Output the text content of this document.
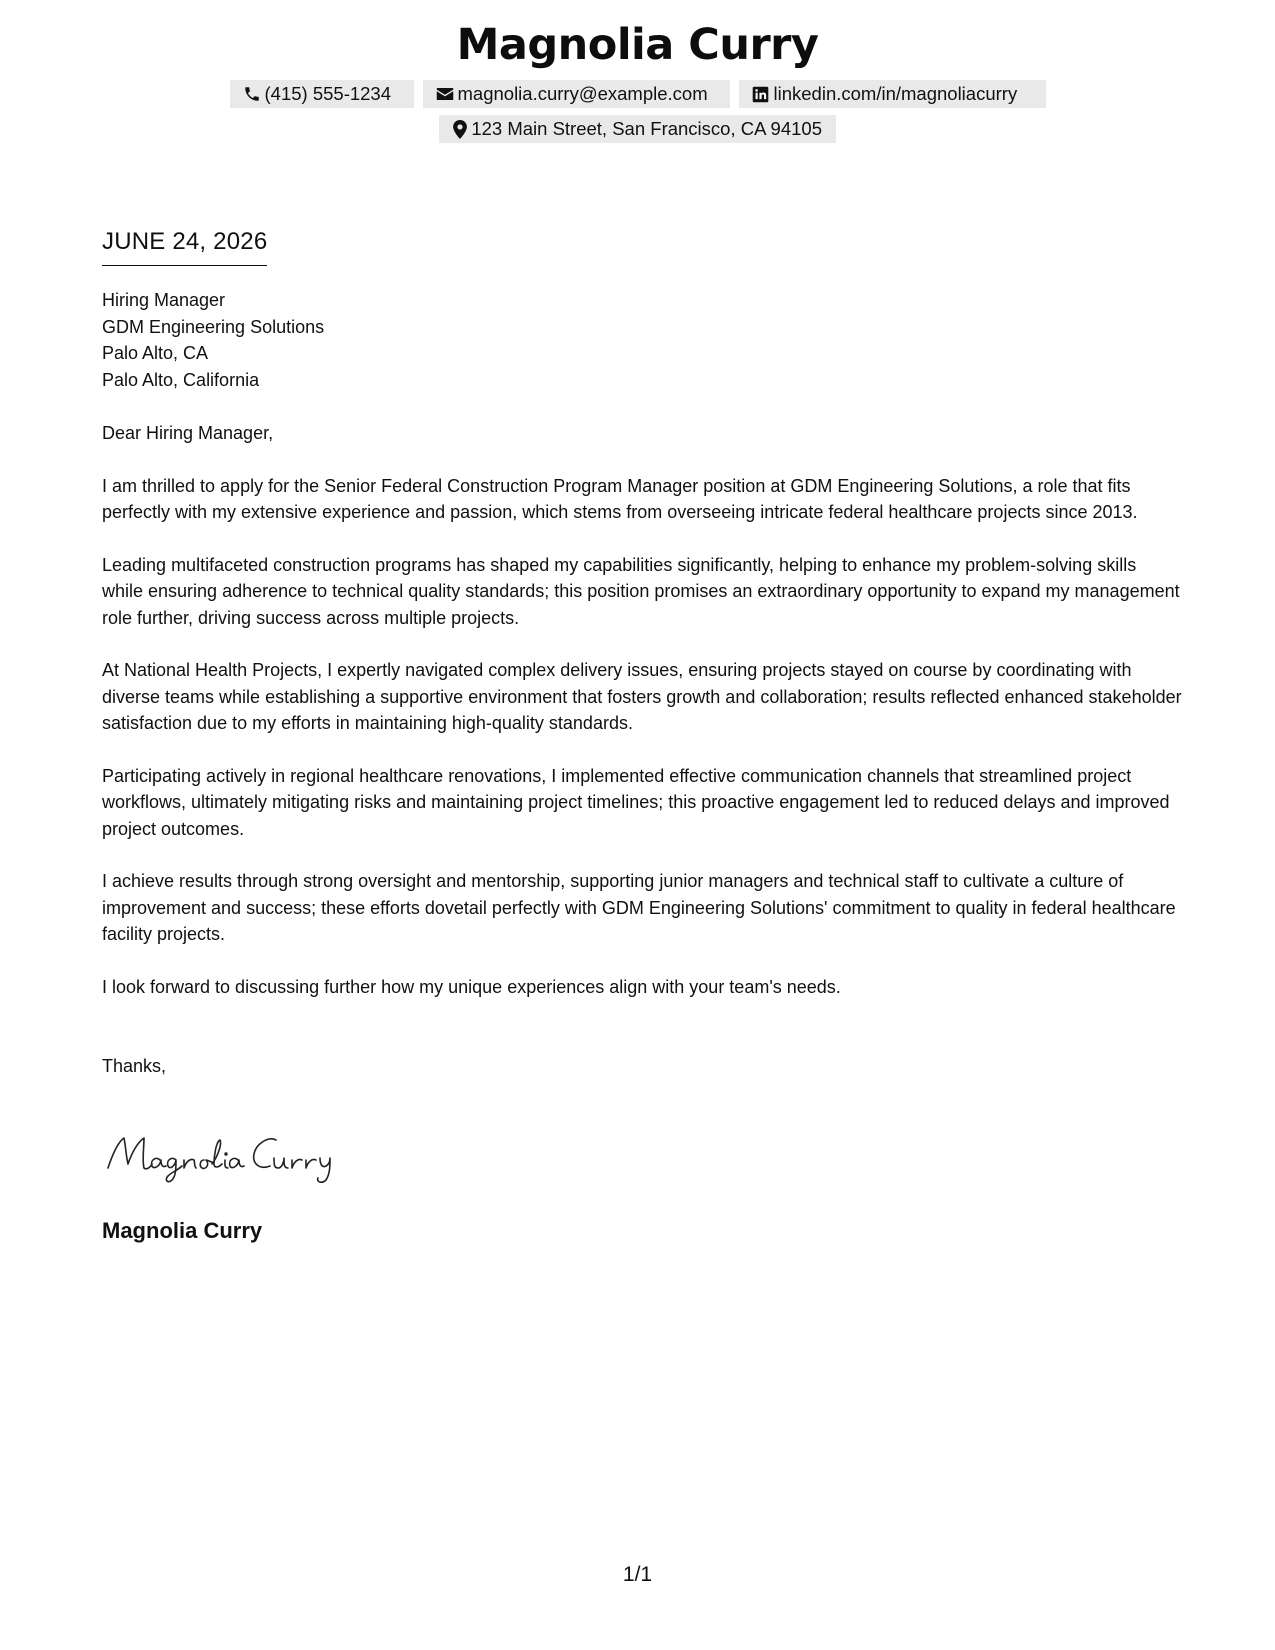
Magnolia Curry
(415) 555-1234	magnolia.curry@example.com	linkedin.com/in/magnoliacurry
123 Main Street, San Francisco, CA 94105
JUNE 24, 2026
Hiring Manager
GDM Engineering Solutions
Palo Alto, CA
Palo Alto, California

Dear Hiring Manager,

I am thrilled to apply for the Senior Federal Construction Program Manager position at GDM Engineering Solutions, a role that fits perfectly with my extensive experience and passion, which stems from overseeing intricate federal healthcare projects since 2013.

Leading multifaceted construction programs has shaped my capabilities significantly, helping to enhance my problem-solving skills while ensuring adherence to technical quality standards; this position promises an extraordinary opportunity to expand my management role further, driving success across multiple projects.

At National Health Projects, I expertly navigated complex delivery issues, ensuring projects stayed on course by coordinating with diverse teams while establishing a supportive environment that fosters growth and collaboration; results reflected enhanced stakeholder satisfaction due to my efforts in maintaining high-quality standards.

Participating actively in regional healthcare renovations, I implemented effective communication channels that streamlined project workflows, ultimately mitigating risks and maintaining project timelines; this proactive engagement led to reduced delays and improved project outcomes.

I achieve results through strong oversight and mentorship, supporting junior managers and technical staff to cultivate a culture of improvement and success; these efforts dovetail perfectly with GDM Engineering Solutions' commitment to quality in federal healthcare facility projects.

I look forward to discussing further how my unique experiences align with your team's needs.

Thanks,

Magnolia Curry
1/1
